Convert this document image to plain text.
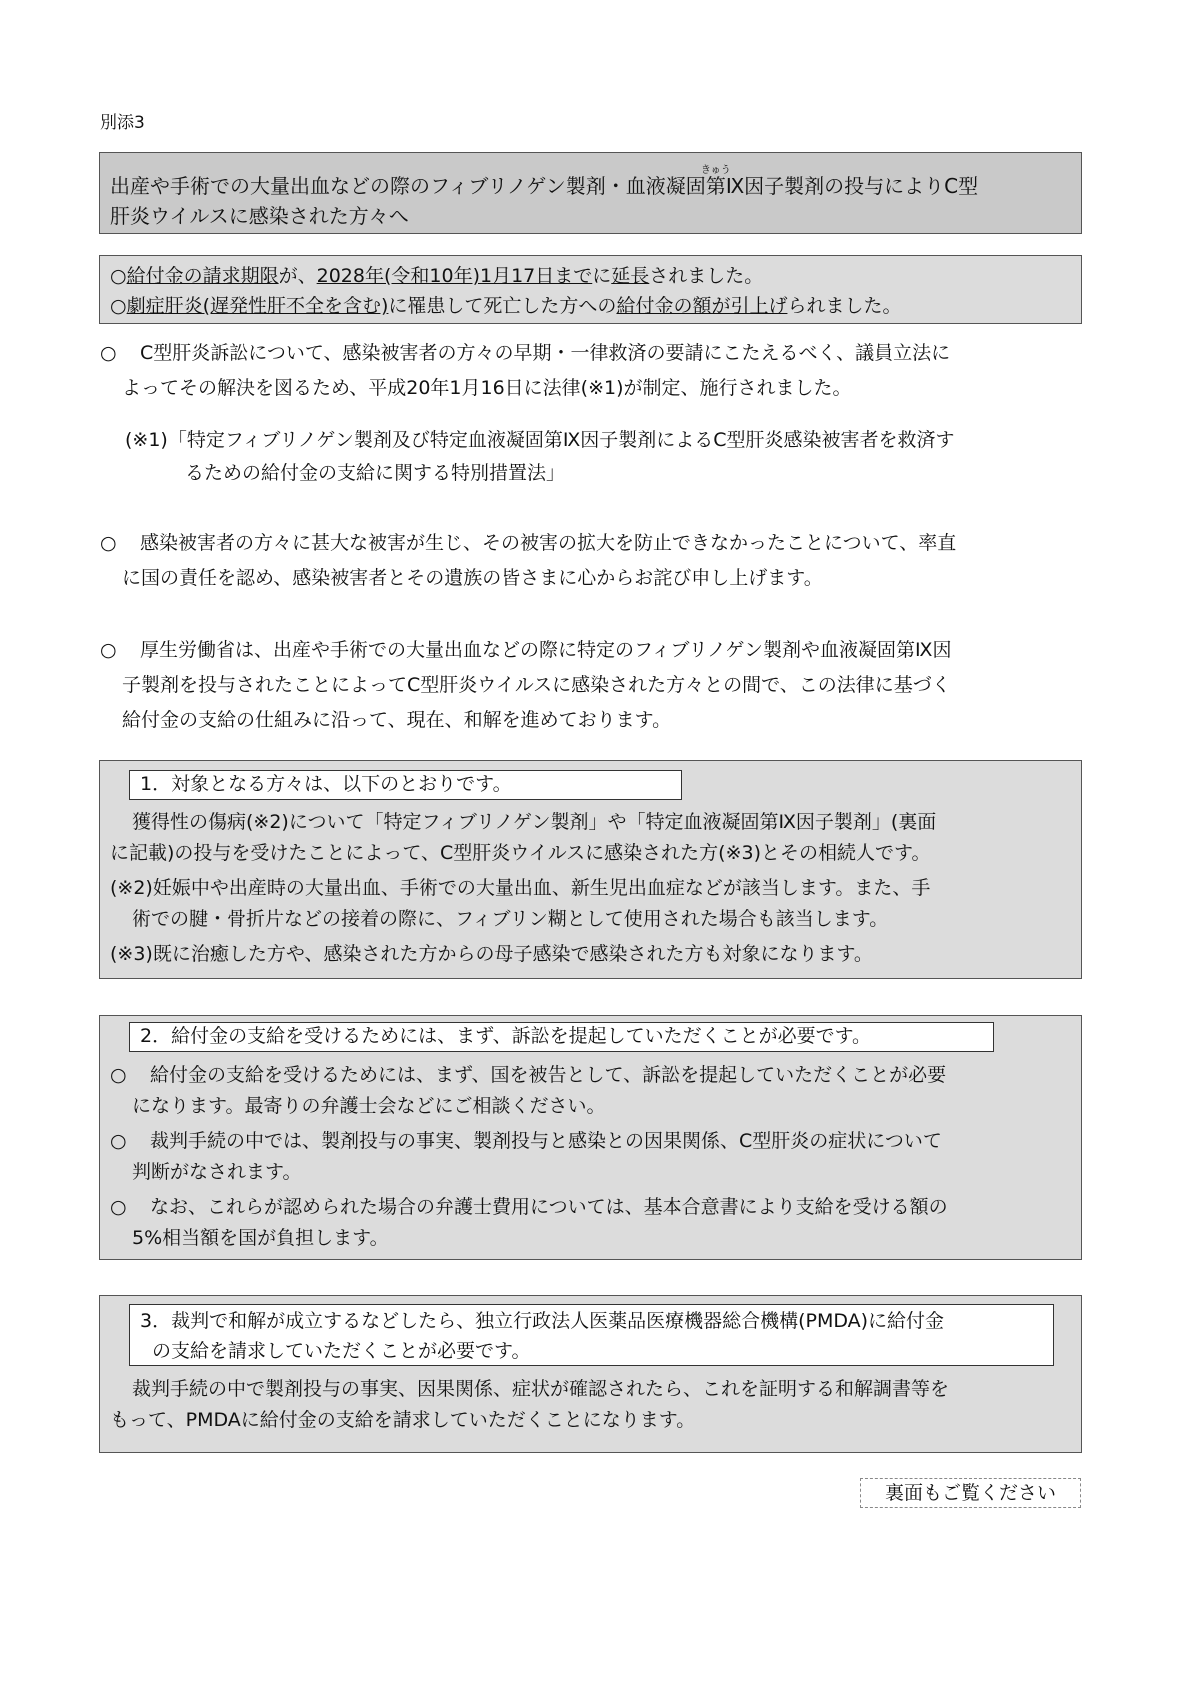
別添3
出産や手術での大量出血などの際のフィブリノゲン製剤・血液凝固第きゅうⅨ因子製剤の投与によりC型
肝炎ウイルスに感染された方々へ
○給付金の請求期限が、2028年(令和10年)1月17日までに延長されました。
○劇症肝炎(遅発性肝不全を含む)に罹患して死亡した方への給付金の額が引上げられました。

○ C型肝炎訴訟について、感染被害者の方々の早期・一律救済の要請にこたえるべく、議員立法に

よってその解決を図るため、平成20年1月16日に法律(※1)が制定、施行されました。

(※1)「特定フィブリノゲン製剤及び特定血液凝固第Ⅸ因子製剤によるC型肝炎感染被害者を救済す

るための給付金の支給に関する特別措置法」

○ 感染被害者の方々に甚大な被害が生じ、その被害の拡大を防止できなかったことについて、率直

に国の責任を認め、感染被害者とその遺族の皆さまに心からお詫び申し上げます。

○ 厚生労働省は、出産や手術での大量出血などの際に特定のフィブリノゲン製剤や血液凝固第Ⅸ因

子製剤を投与されたことによってC型肝炎ウイルスに感染された方々との間で、この法律に基づく

給付金の支給の仕組みに沿って、現在、和解を進めております。

1．対象となる方々は、以下のとおりです。

獲得性の傷病(※2)について「特定フィブリノゲン製剤」や「特定血液凝固第Ⅸ因子製剤」(裏面

に記載)の投与を受けたことによって、C型肝炎ウイルスに感染された方(※3)とその相続人です。

(※2)妊娠中や出産時の大量出血、手術での大量出血、新生児出血症などが該当します。また、手

術での腱・骨折片などの接着の際に、フィブリン糊として使用された場合も該当します。

(※3)既に治癒した方や、感染された方からの母子感染で感染された方も対象になります。

2．給付金の支給を受けるためには、まず、訴訟を提起していただくことが必要です。

○ 給付金の支給を受けるためには、まず、国を被告として、訴訟を提起していただくことが必要

になります。最寄りの弁護士会などにご相談ください。

○ 裁判手続の中では、製剤投与の事実、製剤投与と感染との因果関係、C型肝炎の症状について

判断がなされます。

○ なお、これらが認められた場合の弁護士費用については、基本合意書により支給を受ける額の

5%相当額を国が負担します。

3．裁判で和解が成立するなどしたら、独立行政法人医薬品医療機器総合機構(PMDA)に給付金

の支給を請求していただくことが必要です。

裁判手続の中で製剤投与の事実、因果関係、症状が確認されたら、これを証明する和解調書等を

もって、PMDAに給付金の支給を請求していただくことになります。

裏面もご覧ください
